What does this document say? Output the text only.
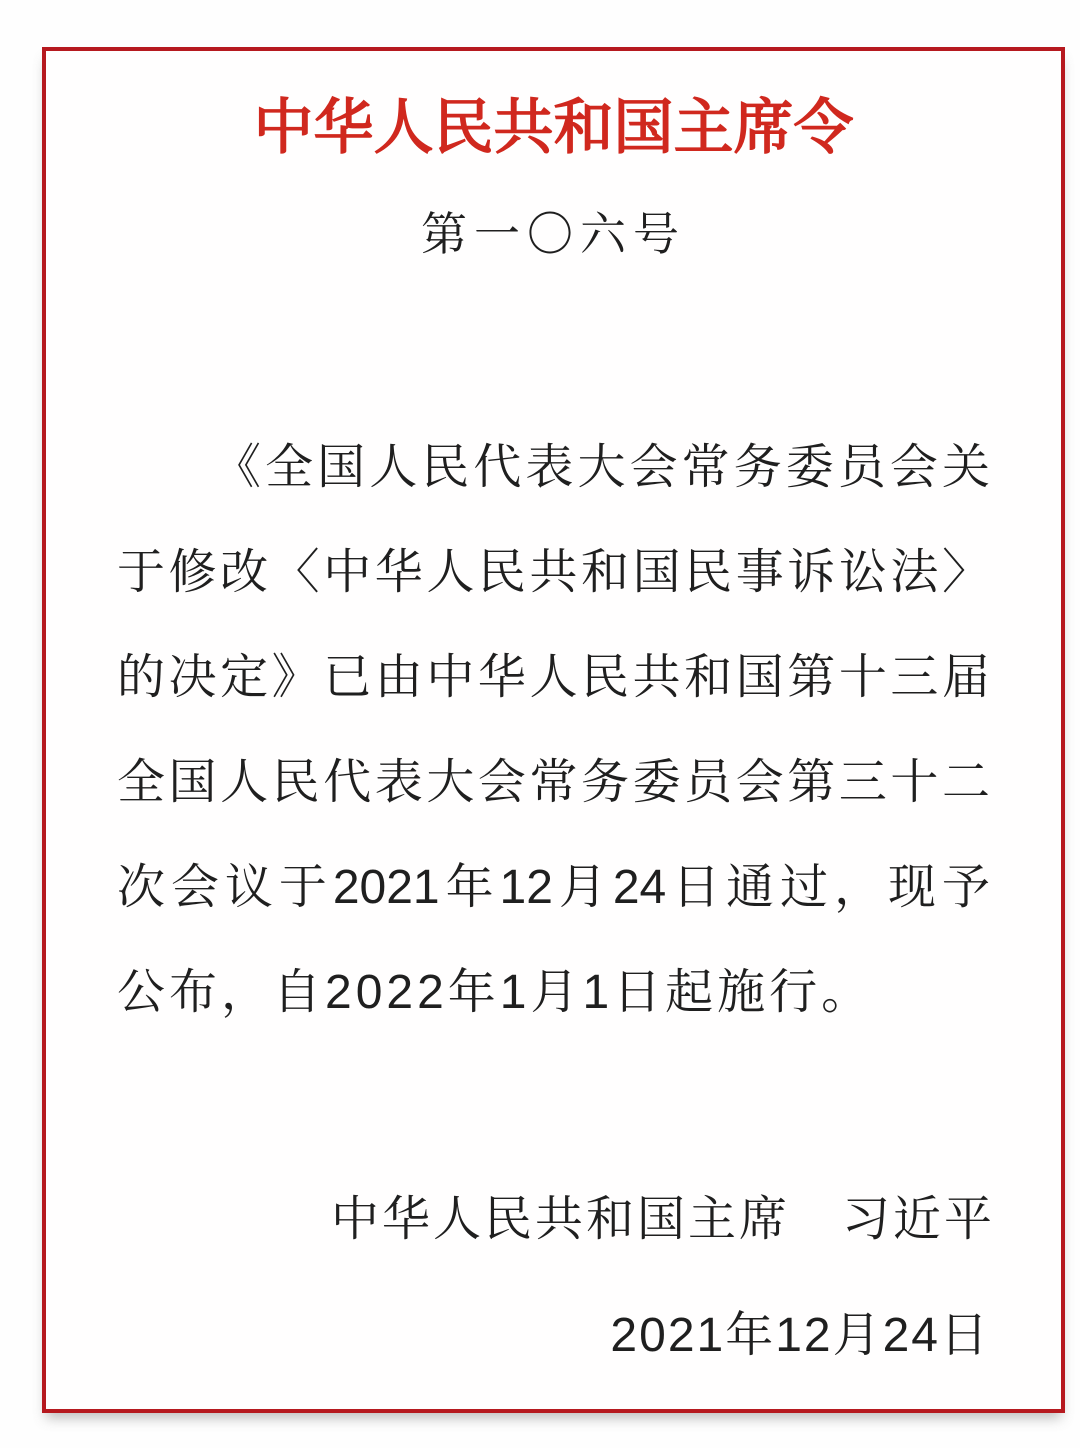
中华人民共和国主席令
第一〇六号
《全国人民代表大会常务委员会关
于修改〈中华人民共和国民事诉讼法〉
的决定》已由中华人民共和国第十三届
全国人民代表大会常务委员会第三十二
次会议于2021年12月24日通过，现予
公布，自2022年1月1日起施行。
中华人民共和国主席 习近平
2021年12月24日
